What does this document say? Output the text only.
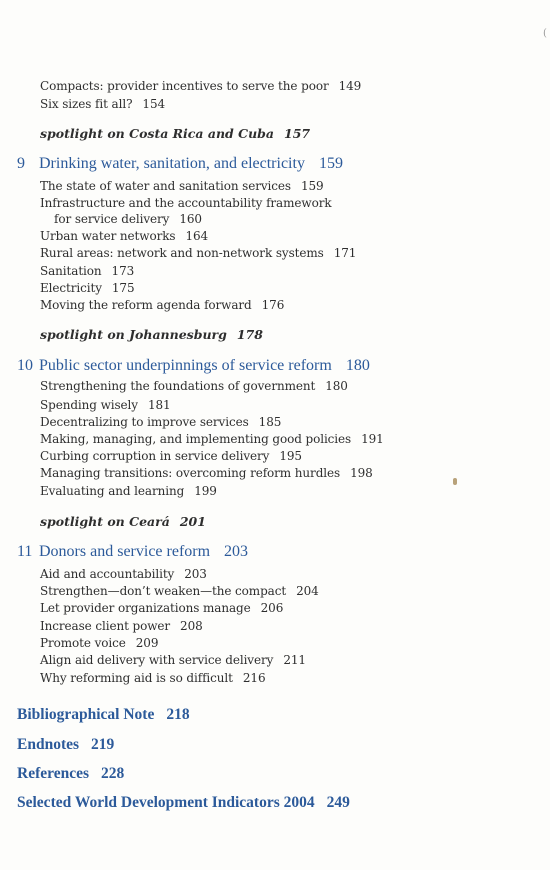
(
Compacts: provider incentives to serve the poor 149
Six sizes fit all? 154
spotlight on Costa Rica and Cuba 157
9 Drinking water, sanitation, and electricity 159
The state of water and sanitation services 159
Infrastructure and the accountability framework
for service delivery 160
Urban water networks 164
Rural areas: network and non-network systems 171
Sanitation 173
Electricity 175
Moving the reform agenda forward 176
spotlight on Johannesburg 178
10 Public sector underpinnings of service reform 180
Strengthening the foundations of government 180
Spending wisely 181
Decentralizing to improve services 185
Making, managing, and implementing good policies 191
Curbing corruption in service delivery 195
Managing transitions: overcoming reform hurdles 198
Evaluating and learning 199
spotlight on Ceará 201
11 Donors and service reform 203
Aid and accountability 203
Strengthen—don’t weaken—the compact 204
Let provider organizations manage 206
Increase client power 208
Promote voice 209
Align aid delivery with service delivery 211
Why reforming aid is so difficult 216
Bibliographical Note 218
Endnotes 219
References 228
Selected World Development Indicators 2004 249
